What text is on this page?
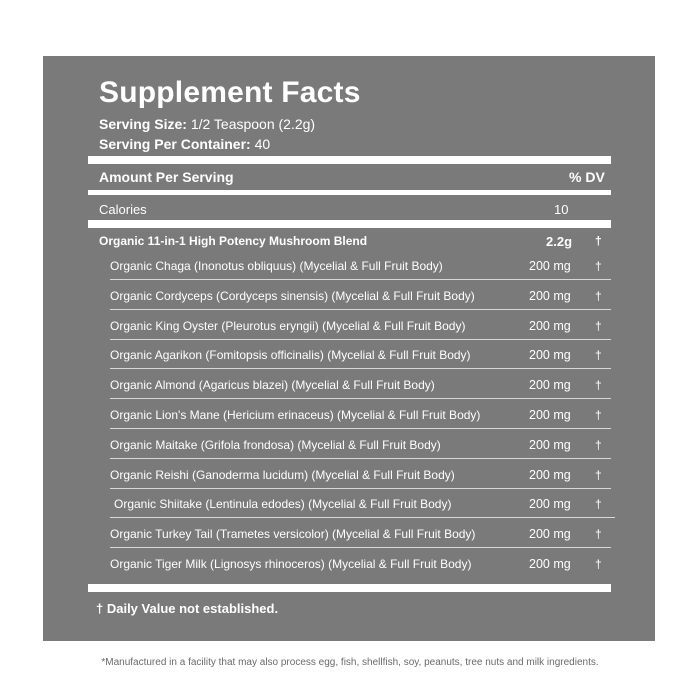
Supplement Facts
Serving Size: 1/2 Teaspoon (2.2g)
Serving Per Container: 40
Amount Per Serving	% DV
Calories	10
Organic 11-in-1 High Potency Mushroom Blend	2.2g †
Organic Chaga (Inonotus obliquus) (Mycelial & Full Fruit Body)	200 mg †
Organic Cordyceps (Cordyceps sinensis) (Mycelial & Full Fruit Body)	200 mg †
Organic King Oyster (Pleurotus eryngii) (Mycelial & Full Fruit Body)	200 mg †
Organic Agarikon (Fomitopsis officinalis) (Mycelial & Full Fruit Body)	200 mg †
Organic Almond (Agaricus blazei) (Mycelial & Full Fruit Body)	200 mg †
Organic Lion's Mane (Hericium erinaceus) (Mycelial & Full Fruit Body)	200 mg †
Organic Maitake (Grifola frondosa) (Mycelial & Full Fruit Body)	200 mg †
Organic Reishi (Ganoderma lucidum) (Mycelial & Full Fruit Body)	200 mg †
Organic Shiitake (Lentinula edodes) (Mycelial & Full Fruit Body)	200 mg †
Organic Turkey Tail (Trametes versicolor) (Mycelial & Full Fruit Body)	200 mg †
Organic Tiger Milk (Lignosys rhinoceros) (Mycelial & Full Fruit Body)	200 mg †
† Daily Value not established.
*Manufactured in a facility that may also process egg, fish, shellfish, soy, peanuts, tree nuts and milk ingredients.
